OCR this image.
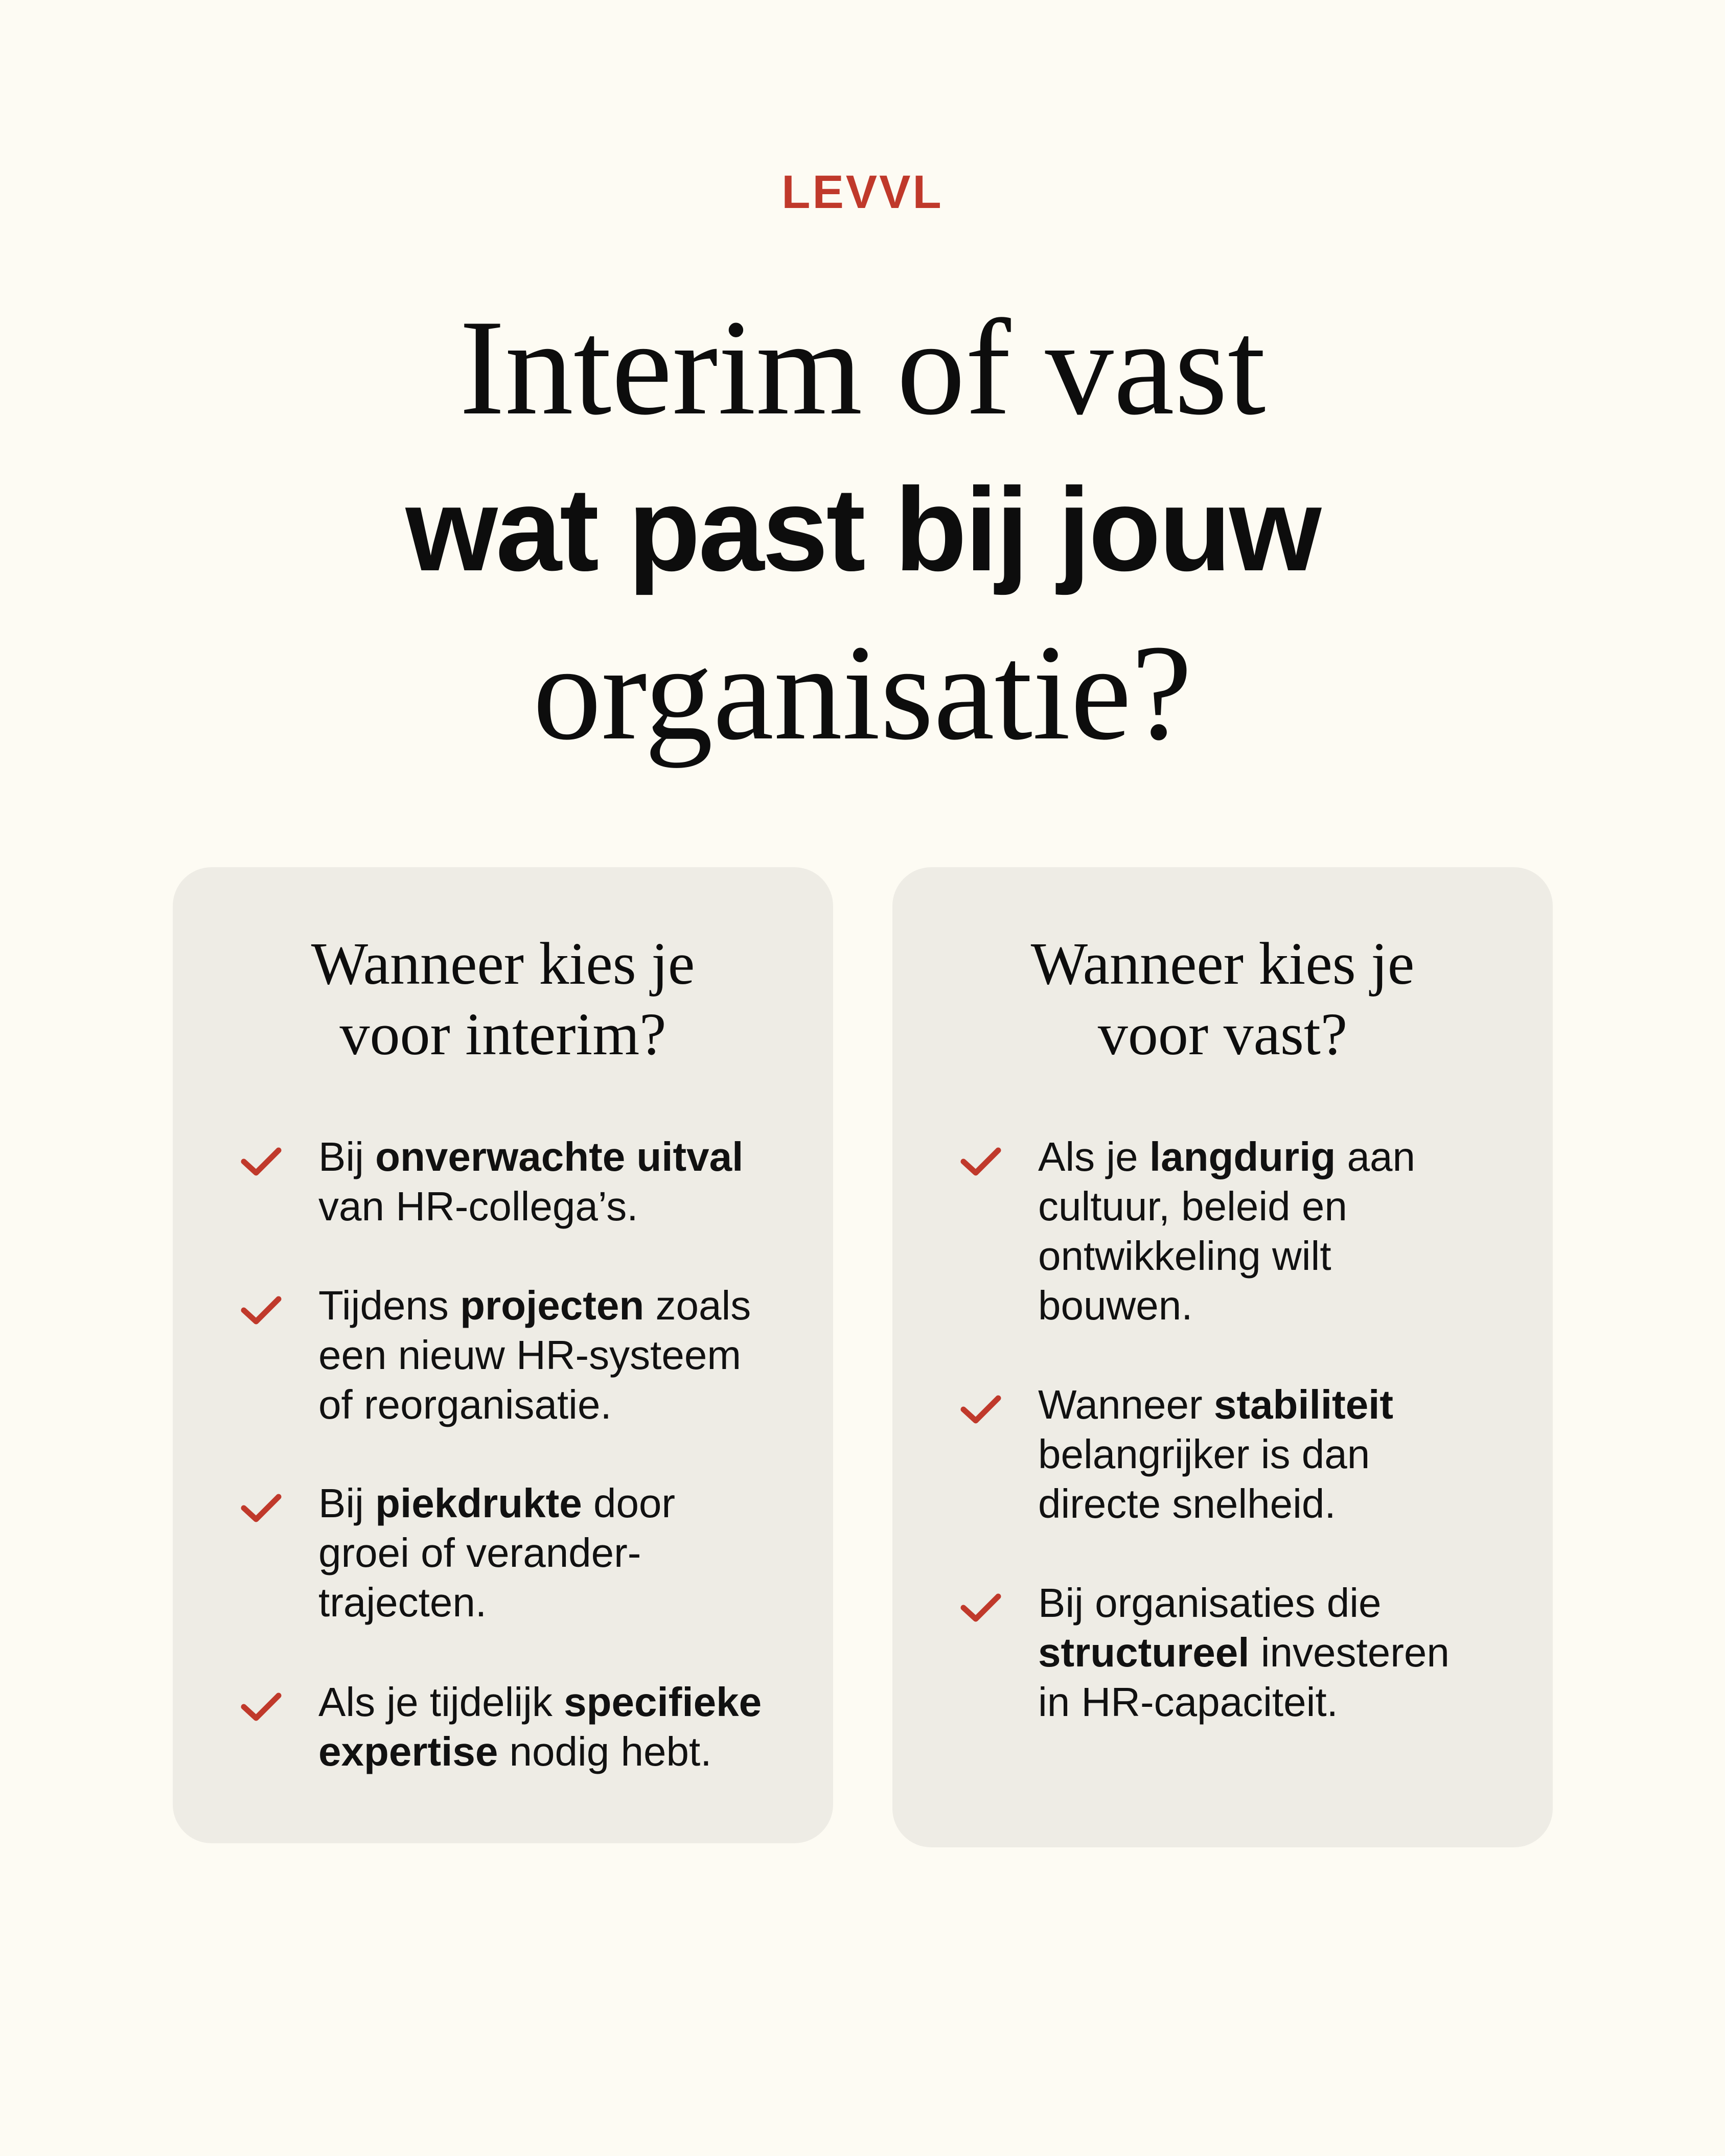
LEVVL
Interim of vast
wat past bij jouw
organisatie?
Wanneer kies je
voor interim?
Bij onverwachte uitval
van HR-collega’s.
Tijdens projecten zoals
een nieuw HR-systeem
of reorganisatie.
Bij piekdrukte door
groei of verander-
trajecten.
Als je tijdelijk specifieke
expertise nodig hebt.
Wanneer kies je
voor vast?
Als je langdurig aan
cultuur, beleid en
ontwikkeling wilt
bouwen.
Wanneer stabiliteit
belangrijker is dan
directe snelheid.
Bij organisaties die
structureel investeren
in HR-capaciteit.
